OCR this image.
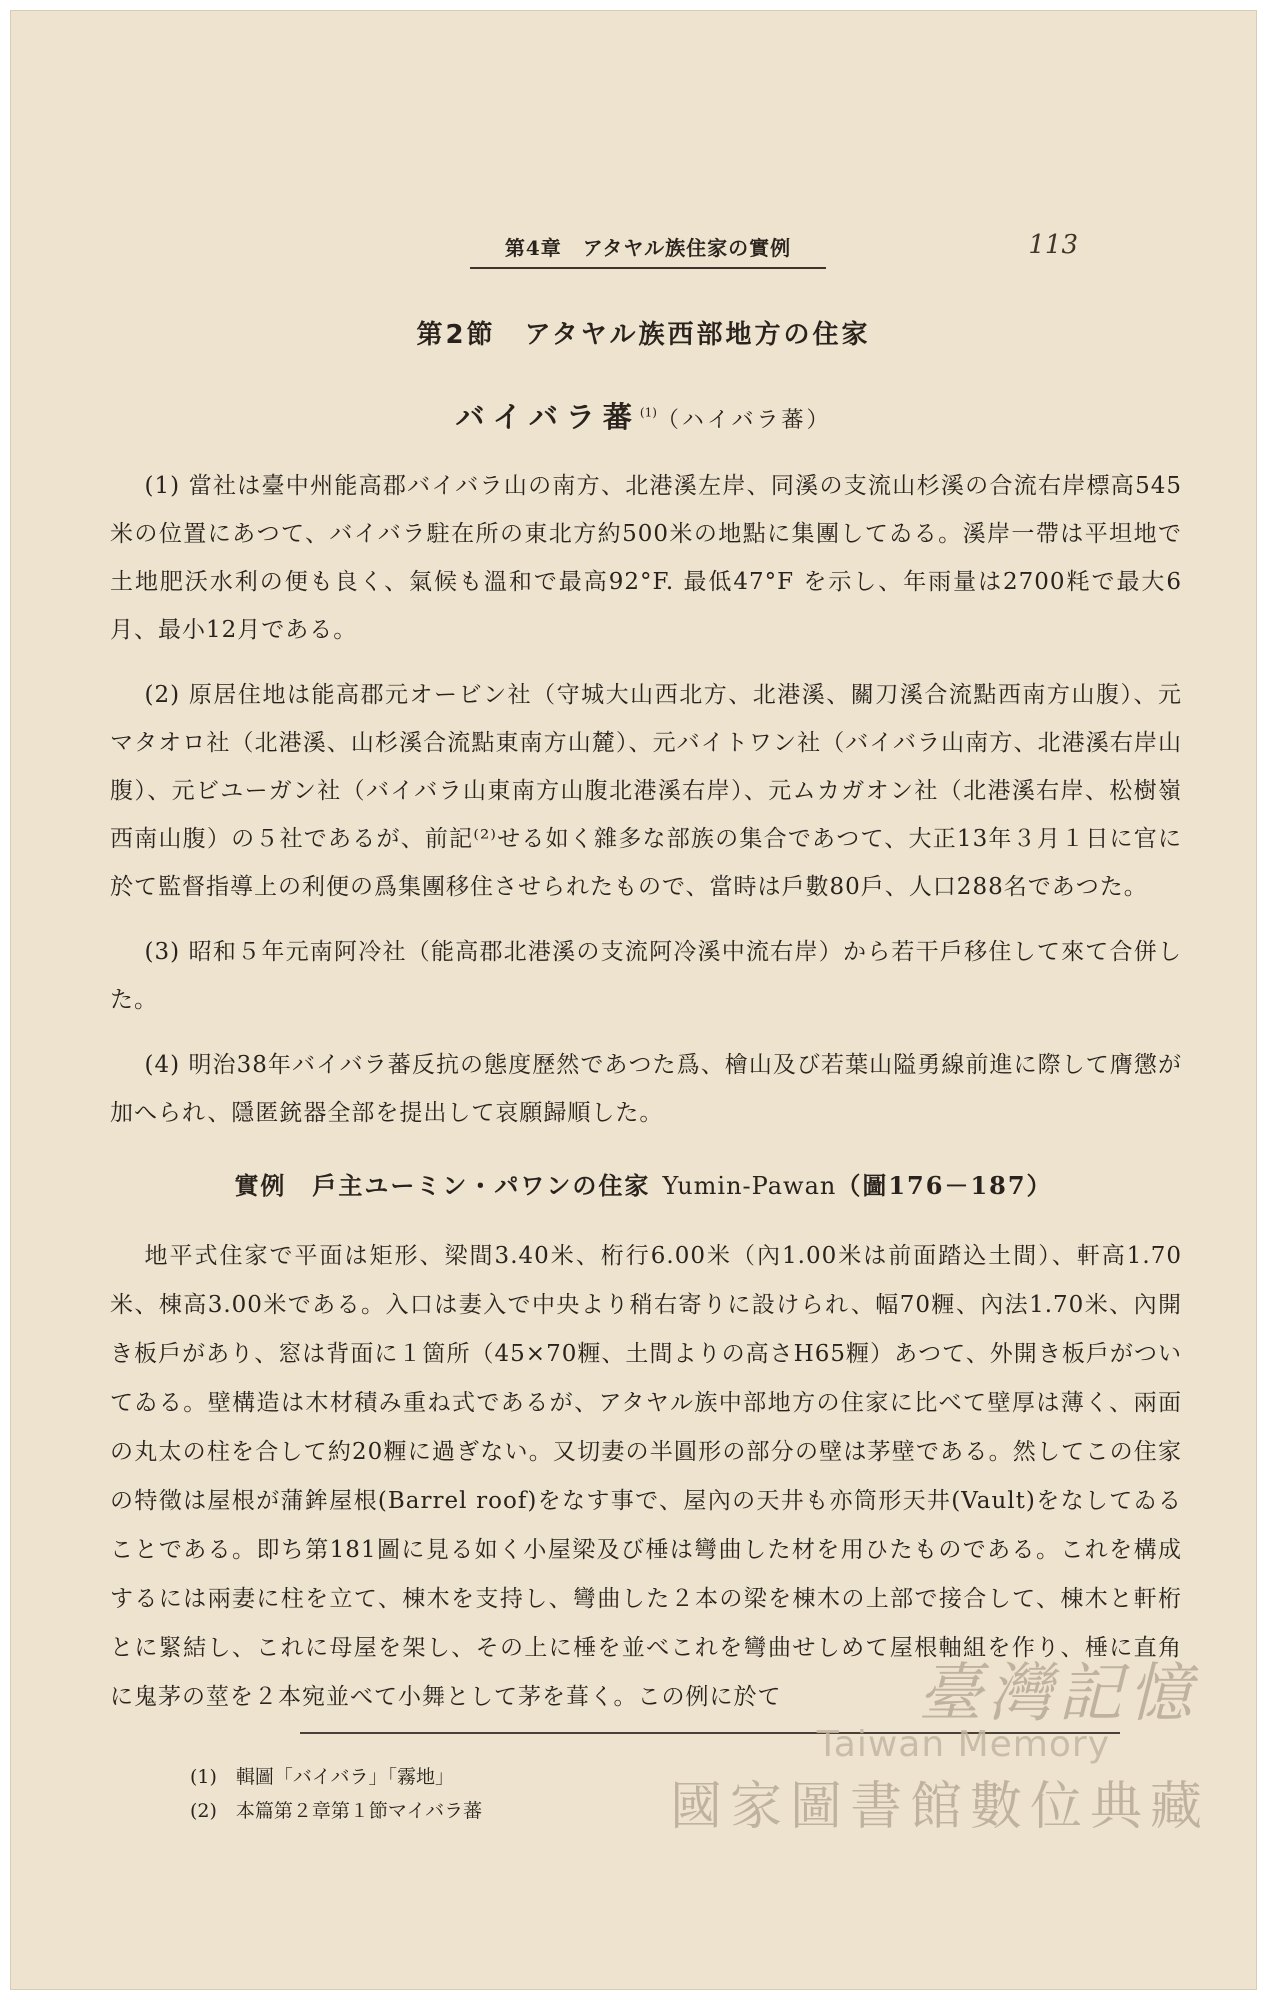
第4章　アタヤル族住家の實例	113
第2節　アタヤル族西部地方の住家
バイバラ蕃$^{(1)}$（ハイバラ蕃）

(1) 當社は臺中州能高郡バイバラ山の南方、北港溪左岸、同溪の支流山杉溪の合流右岸標高545米の位置にあつて、バイバラ駐在所の東北方約500米の地點に集團してゐる。溪岸一帶は平坦地で土地肥沃水利の便も良く、氣候も溫和で最高92°F. 最低47°F を示し、年雨量は2700粍で最大6月、最小12月である。

(2) 原居住地は能高郡元オービン社（守城大山西北方、北港溪、關刀溪合流點西南方山腹）、元マタオロ社（北港溪、山杉溪合流點東南方山麓）、元バイトワン社（バイバラ山南方、北港溪右岸山腹）、元ビユーガン社（バイバラ山東南方山腹北港溪右岸）、元ムカガオン社（北港溪右岸、松樹嶺西南山腹）の５社であるが、前記⁽²⁾せる如く雜多な部族の集合であつて、大正13年３月１日に官に於て監督指導上の利便の爲集團移住させられたもので、當時は戶數80戶、人口288名であつた。

(3) 昭和５年元南阿冷社（能高郡北港溪の支流阿冷溪中流右岸）から若干戶移住して來て合併した。

(4) 明治38年バイバラ蕃反抗の態度歷然であつた爲、檜山及び若葉山隘勇線前進に際して膺懲が加へられ、隱匿銃器全部を提出して哀願歸順した。

實例　戶主ユーミン・パワンの住家 Yumin-Pawan（圖176－187）
地平式住家で平面は矩形、梁間3.40米、桁行6.00米（內1.00米は前面踏込土間）、軒高1.70米、棟高3.00米である。入口は妻入で中央より稍右寄りに設けられ、幅70糎、內法1.70米、內開き板戶があり、窓は背面に１箇所（45×70糎、土間よりの高さH65糎）あつて、外開き板戶がついてゐる。壁構造は木材積み重ね式であるが、アタヤル族中部地方の住家に比べて壁厚は薄く、兩面の丸太の柱を合して約20糎に過ぎない。又切妻の半圓形の部分の壁は茅壁である。然してこの住家の特徵は屋根が蒲鉾屋根(Barrel roof)をなす事で、屋內の天井も亦筒形天井(Vault)をなしてゐることである。即ち第181圖に見る如く小屋梁及び棰は彎曲した材を用ひたものである。これを構成するには兩妻に柱を立て、棟木を支持し、彎曲した２本の梁を棟木の上部で接合して、棟木と軒桁とに緊結し、これに母屋を架し、その上に棰を並べこれを彎曲せしめて屋根軸組を作り、棰に直角に鬼茅の莖を２本宛並べて小舞として茅を葺く。この例に於て
(1)　輯圖「バイバラ」「霧地」
(2)　本篇第２章第１節マイバラ蕃
臺灣記憶
Taiwan Memory
國家圖書館數位典藏
